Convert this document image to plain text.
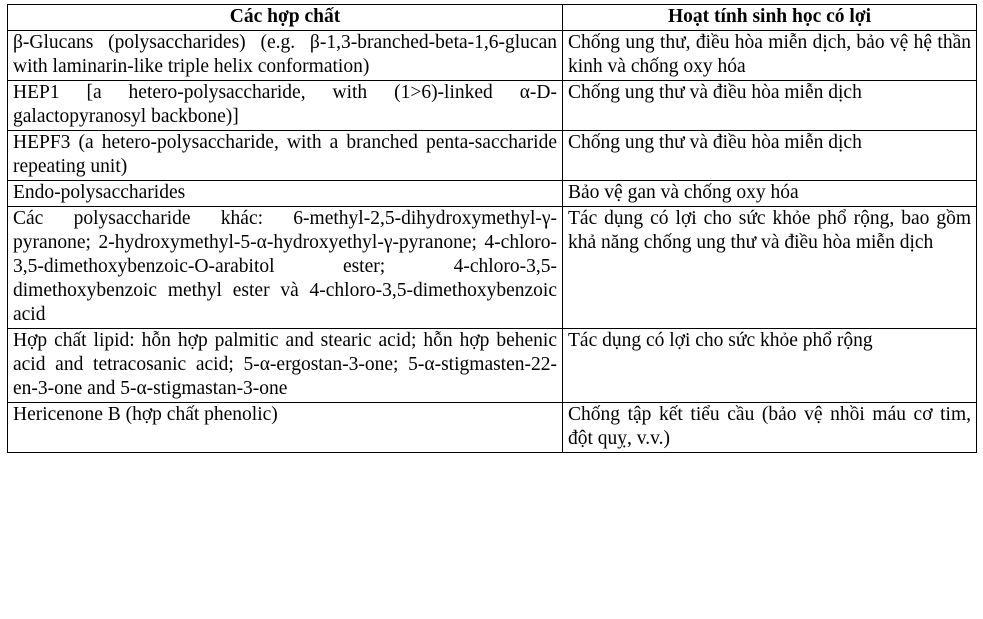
Các hợp chất	Hoạt tính sinh học có lợi
β-Glucans (polysaccharides) (e.g. β-1,3-branched-beta-1,6-glucan with laminarin-like triple helix conformation)	Chống ung thư, điều hòa miễn dịch, bảo vệ hệ thần kinh và chống oxy hóa
HEP1 [a hetero-polysaccharide, with (1>6)-linked α-D-galactopyranosyl backbone)]	Chống ung thư và điều hòa miễn dịch
HEPF3 (a hetero-polysaccharide, with a branched penta-saccharide repeating unit)	Chống ung thư và điều hòa miễn dịch
Endo-polysaccharides	Bảo vệ gan và chống oxy hóa
Các polysaccharide khác: 6-methyl-2,5-dihydroxymethyl-γ-pyranone; 2-hydroxymethyl-5-α-hydroxyethyl-γ-pyranone; 4-chloro-3,5-dimethoxybenzoic-O-arabitol ester; 4-chloro-3,5-dimethoxybenzoic methyl ester và 4-chloro-3,5-dimethoxybenzoic acid	Tác dụng có lợi cho sức khỏe phổ rộng, bao gồm khả năng chống ung thư và điều hòa miễn dịch
Hợp chất lipid: hỗn hợp palmitic and stearic acid; hỗn hợp behenic acid and tetracosanic acid; 5-α-ergostan-3-one; 5-α-stigmasten-22-en-3-one and 5-α-stigmastan-3-one	Tác dụng có lợi cho sức khỏe phổ rộng
Hericenone B (hợp chất phenolic)	Chống tập kết tiểu cầu (bảo vệ nhồi máu cơ tim, đột quỵ, v.v.)
